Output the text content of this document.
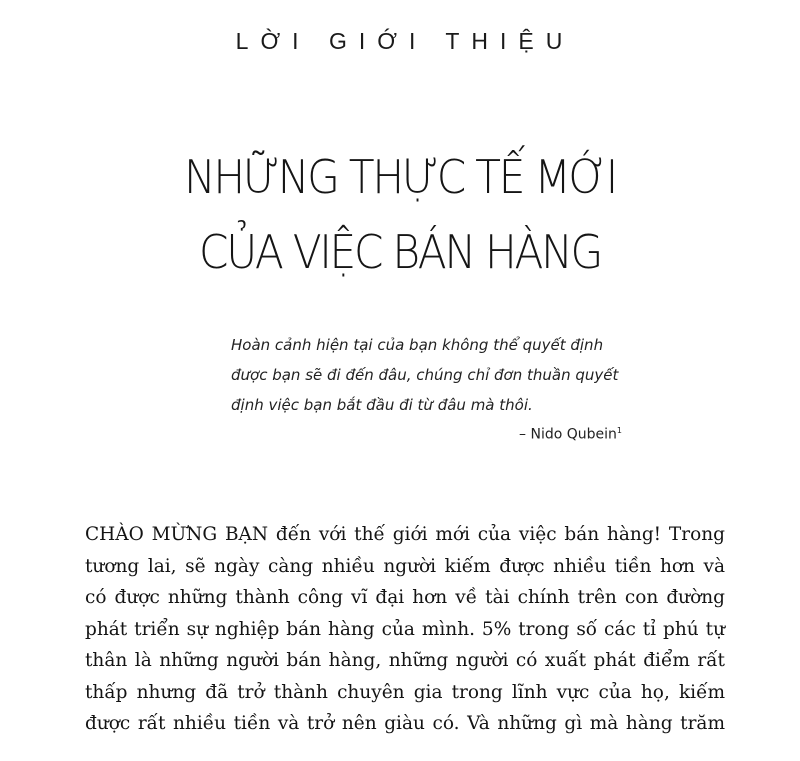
LỜI GIỚI THIỆU
NHỮNG THỰC TẾ MỚI
CỦA VIỆC BÁN HÀNG
Hoàn cảnh hiện tại của bạn không thể quyết định
được bạn sẽ đi đến đâu, chúng chỉ đơn thuần quyết
định việc bạn bắt đầu đi từ đâu mà thôi.
– Nido Qubein$^1$
CHÀO MỪNG BẠN đến với thế giới mới của việc bán hàng! Trong
tương lai, sẽ ngày càng nhiều người kiếm được nhiều tiền hơn và
có được những thành công vĩ đại hơn về tài chính trên con đường
phát triển sự nghiệp bán hàng của mình. 5% trong số các tỉ phú tự
thân là những người bán hàng, những người có xuất phát điểm rất
thấp nhưng đã trở thành chuyên gia trong lĩnh vực của họ, kiếm
được rất nhiều tiền và trở nên giàu có. Và những gì mà hàng trăm
